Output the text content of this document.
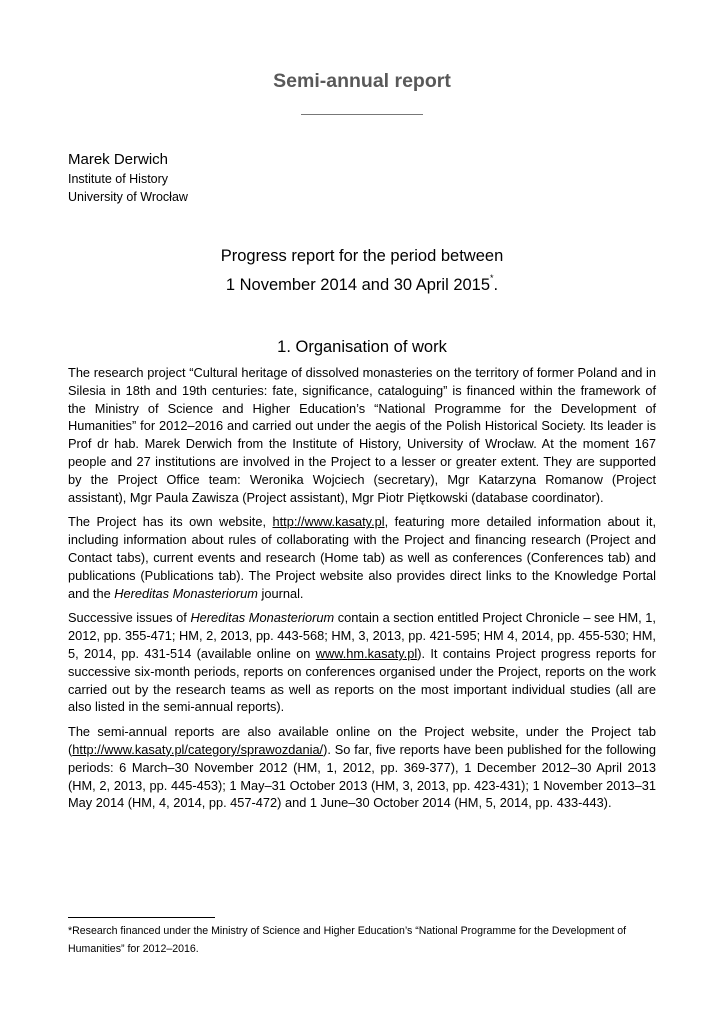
Semi-annual report
Marek Derwich
Institute of History
University of Wrocław
Progress report for the period between
1 November 2014 and 30 April 2015*.
1. Organisation of work

The research project “Cultural heritage of dissolved monasteries on the territory of former Poland and in Silesia in 18th and 19th centuries: fate, significance, cataloguing” is financed within the framework of the Ministry of Science and Higher Education’s “National Programme for the Development of Humanities” for 2012–2016 and carried out under the aegis of the Polish Historical Society. Its leader is Prof dr hab. Marek Derwich from the Institute of History, University of Wrocław. At the moment 167 people and 27 institutions are involved in the Project to a lesser or greater extent. They are supported by the Project Office team: Weronika Wojciech (secretary), Mgr Katarzyna Romanow (Project assistant), Mgr Paula Zawisza (Project assistant), Mgr Piotr Piętkowski (database coordinator).

The Project has its own website, http://www.kasaty.pl, featuring more detailed information about it, including information about rules of collaborating with the Project and financing research (Project and Contact tabs), current events and research (Home tab) as well as conferences (Conferences tab) and publications (Publications tab). The Project website also provides direct links to the Knowledge Portal and the Hereditas Monasteriorum journal.

Successive issues of Hereditas Monasteriorum contain a section entitled Project Chronicle – see HM, 1, 2012, pp. 355-471; HM, 2, 2013, pp. 443-568; HM, 3, 2013, pp. 421-595; HM 4, 2014, pp. 455-530; HM, 5, 2014, pp. 431-514 (available online on www.hm.kasaty.pl). It contains Project progress reports for successive six-month periods, reports on conferences organised under the Project, reports on the work carried out by the research teams as well as reports on the most important individual studies (all are also listed in the semi-annual reports).

The semi-annual reports are also available online on the Project website, under the Project tab (http://www.kasaty.pl/category/sprawozdania/). So far, five reports have been published for the following periods: 6 March–30 November 2012 (HM, 1, 2012, pp. 369-377), 1 December 2012–30 April 2013 (HM, 2, 2013, pp. 445-453); 1 May–31 October 2013 (HM, 3, 2013, pp. 423-431); 1 November 2013–31 May 2014 (HM, 4, 2014, pp. 457-472) and 1 June–30 October 2014 (HM, 5, 2014, pp. 433-443).

*Research financed under the Ministry of Science and Higher Education’s “National Programme for the Development of Humanities” for 2012–2016.
